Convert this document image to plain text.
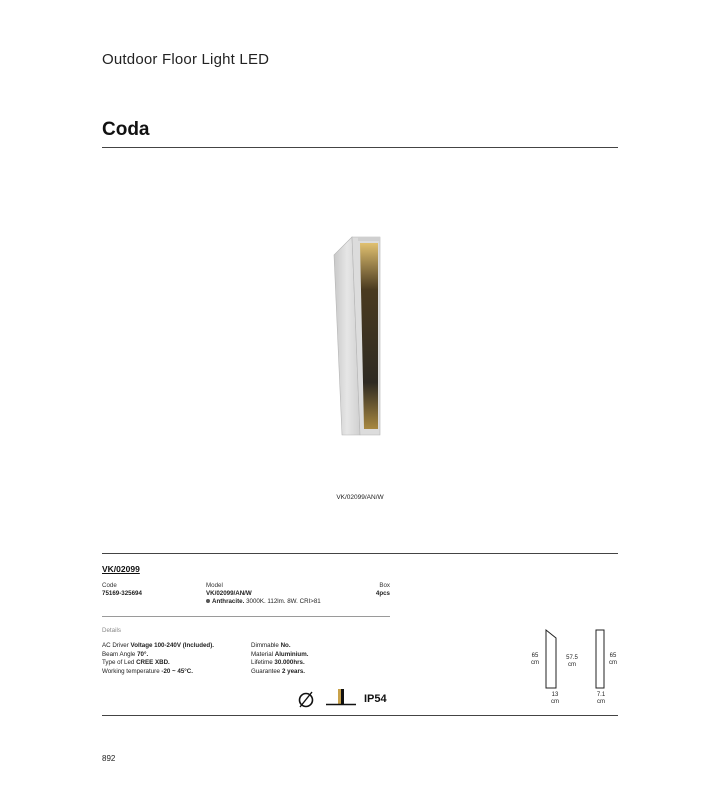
Outdoor Floor Light LED
Coda
VK/02099/AN/W
VK/02099
Code
75169-325694
Model
VK/02099/AN/W
Anthracite. 3000K. 112lm. 8W. CRI>81
Box
4pcs
Details
AC Driver Voltage 100-240V (Included).
Beam Angle 70°.
Type of Led CREE XBD.
Working temperature -20 ~ 45°C.
Dimmable No.
Material Aluminium.
Lifetime 30.000hrs.
Guarantee 2 years.
IP54
65
cm
57.5
cm
13
cm
65
cm
7.1
cm
892
